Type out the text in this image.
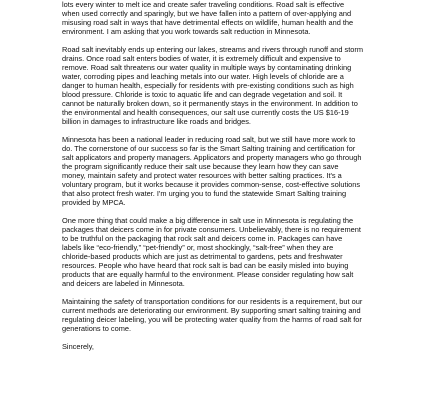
lots every winter to melt ice and create safer traveling conditions. Road salt is effective when used correctly and sparingly, but we have fallen into a pattern of over-applying and misusing road salt in ways that have detrimental effects on wildlife, human health and the environment. I am asking that you work towards salt reduction in Minnesota.

Road salt inevitably ends up entering our lakes, streams and rivers through runoff and storm drains. Once road salt enters bodies of water, it is extremely difficult and expensive to remove. Road salt threatens our water quality in multiple ways by contaminating drinking water, corroding pipes and leaching metals into our water. High levels of chloride are a danger to human health, especially for residents with pre-existing conditions such as high blood pressure. Chloride is toxic to aquatic life and can degrade vegetation and soil. It cannot be naturally broken down, so it permanently stays in the environment. In addition to the environmental and health consequences, our salt use currently costs the US $16-19 billion in damages to infrastructure like roads and bridges.

Minnesota has been a national leader in reducing road salt, but we still have more work to do. The cornerstone of our success so far is the Smart Salting training and certification for salt applicators and property managers. Applicators and property managers who go through the program significantly reduce their salt use because they learn how they can save money, maintain safety and protect water resources with better salting practices. It's a voluntary program, but it works because it provides common-sense, cost-effective solutions that also protect fresh water. I'm urging you to fund the statewide Smart Salting training provided by MPCA.

One more thing that could make a big difference in salt use in Minnesota is regulating the packages that deicers come in for private consumers. Unbelievably, there is no requirement to be truthful on the packaging that rock salt and deicers come in. Packages can have labels like “eco-friendly,” “pet-friendly” or, most shockingly, “salt-free” when they are chloride-based products which are just as detrimental to gardens, pets and freshwater resources. People who have heard that rock salt is bad can be easily misled into buying products that are equally harmful to the environment. Please consider regulating how salt and deicers are labeled in Minnesota.

Maintaining the safety of transportation conditions for our residents is a requirement, but our current methods are deteriorating our environment. By supporting smart salting training and regulating deicer labeling, you will be protecting water quality from the harms of road salt for generations to come.

Sincerely,
